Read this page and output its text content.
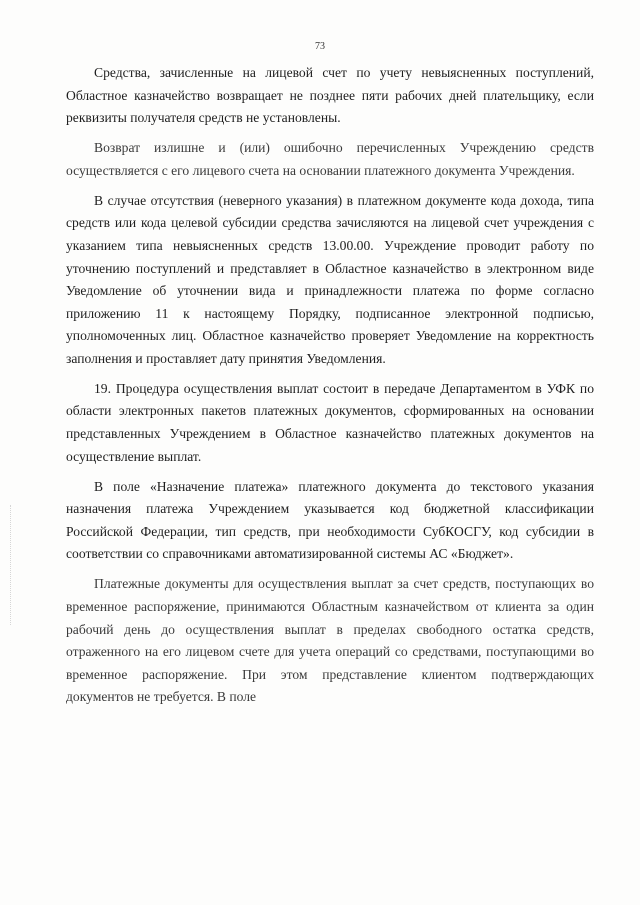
73

Средства, зачисленные на лицевой счет по учету невыясненных поступлений, Областное казначейство возвращает не позднее пяти рабочих дней плательщику, если реквизиты получателя средств не установлены.

Возврат излишне и (или) ошибочно перечисленных Учреждению средств осуществляется с его лицевого счета на основании платежного документа Учреждения.

В случае отсутствия (неверного указания) в платежном документе кода дохода, типа средств или кода целевой субсидии средства зачисляются на лицевой счет учреждения с указанием типа невыясненных средств 13.00.00. Учреждение проводит работу по уточнению поступлений и представляет в Областное казначейство в электронном виде Уведомление об уточнении вида и принадлежности платежа по форме согласно приложению 11 к настоящему Порядку, подписанное электронной подписью, уполномоченных лиц. Областное казначейство проверяет Уведомление на корректность заполнения и проставляет дату принятия Уведомления.

19. Процедура осуществления выплат состоит в передаче Департаментом в УФК по области электронных пакетов платежных документов, сформированных на основании представленных Учреждением в Областное казначейство платежных документов на осуществление выплат.

В поле «Назначение платежа» платежного документа до текстового указания назначения платежа Учреждением указывается код бюджетной классификации Российской Федерации, тип средств, при необходимости СубКОСГУ, код субсидии в соответствии со справочниками автоматизированной системы АС «Бюджет».

Платежные документы для осуществления выплат за счет средств, поступающих во временное распоряжение, принимаются Областным казначейством от клиента за один рабочий день до осуществления выплат в пределах свободного остатка средств, отраженного на его лицевом счете для учета операций со средствами, поступающими во временное распоряжение. При этом представление клиентом подтверждающих документов не требуется. В поле
